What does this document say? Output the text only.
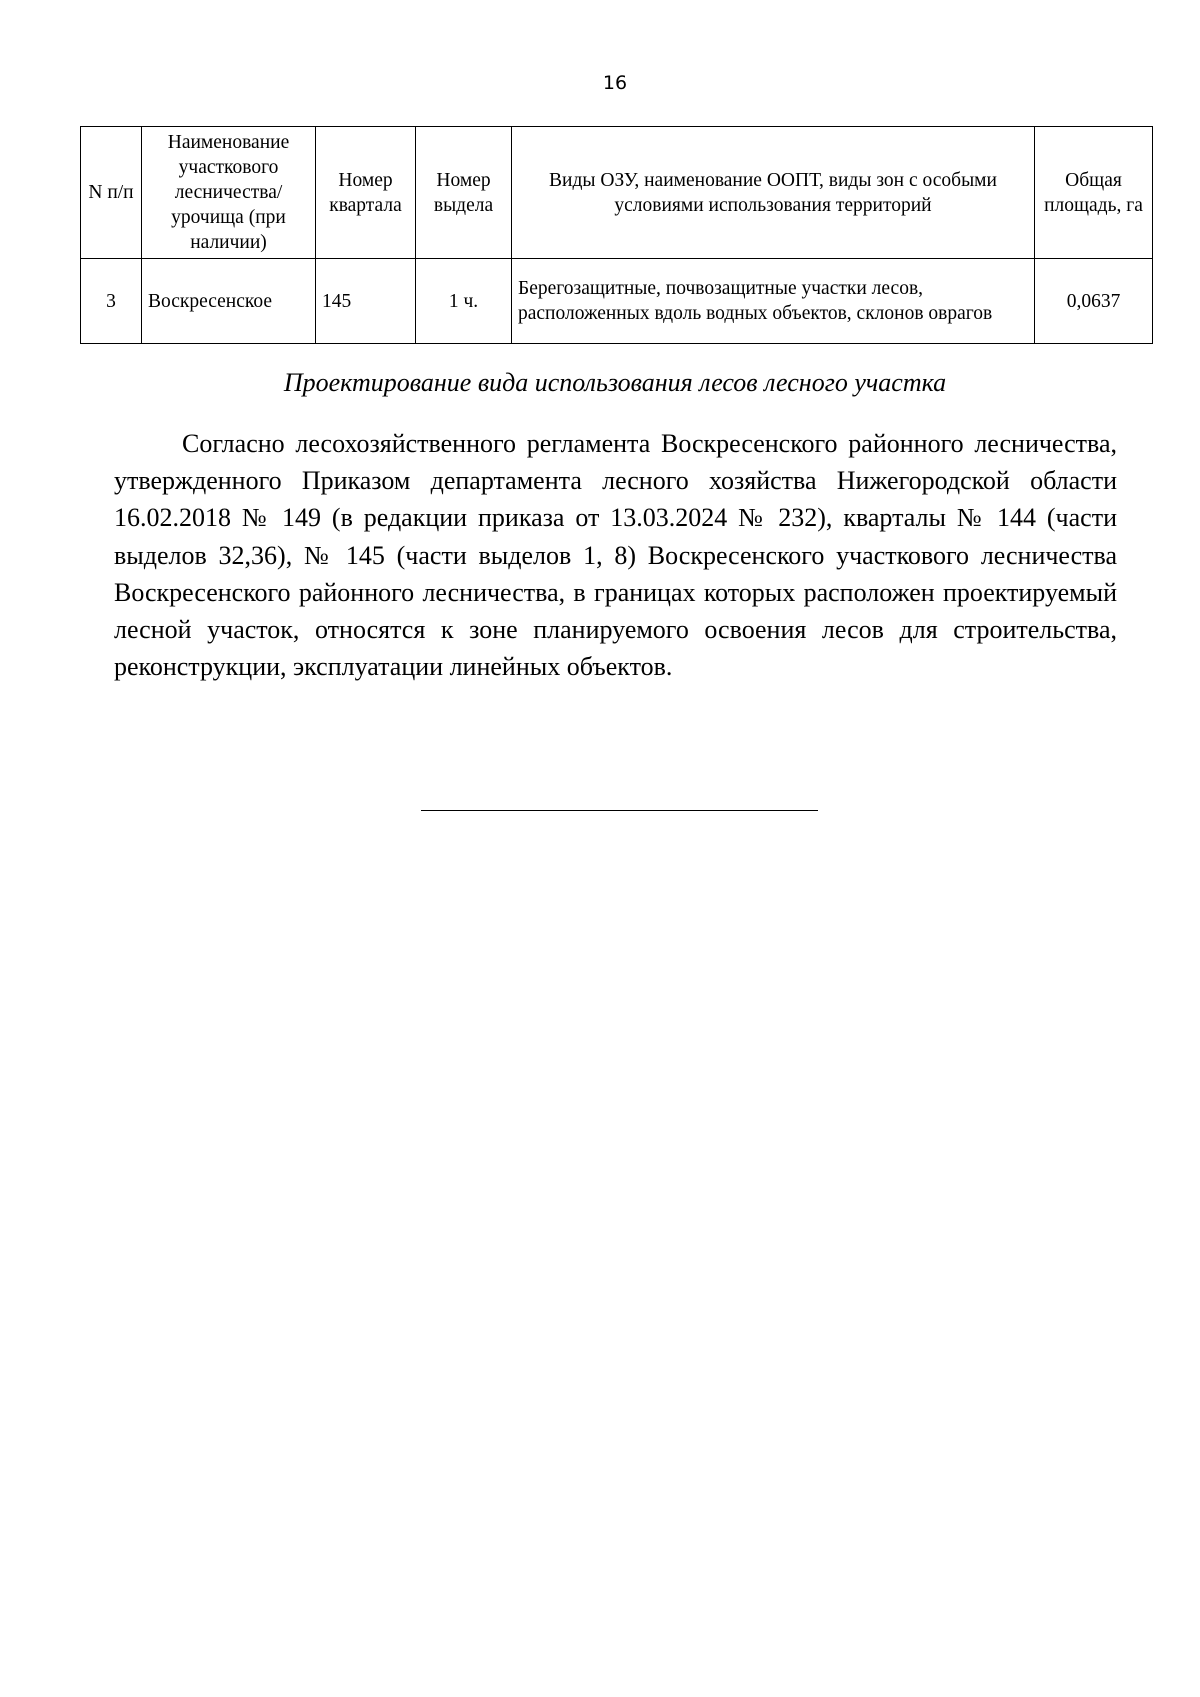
16
N п/п	Наименование участкового лесничества/урочища (при наличии)	Номер квартала	Номер выдела	Виды ОЗУ, наименование ООПТ, виды зон с особыми условиями использования территорий	Общая площадь, га
3	Воскресенское	145	1 ч.	Берегозащитные, почвозащитные участки лесов, расположенных вдоль водных объектов, склонов оврагов	0,0637
Проектирование вида использования лесов лесного участка

Согласно лесохозяйственного регламента Воскресенского районного лесничества, утвержденного Приказом департамента лесного хозяйства Нижегородской области 16.02.2018 № 149 (в редакции приказа от 13.03.2024 № 232), кварталы № 144 (части выделов 32,36), № 145 (части выделов 1, 8) Воскресенского участкового лесничества Воскресенского районного лесничества, в границах которых расположен проектируемый лесной участок, относятся к зоне планируемого освоения лесов для строительства, реконструкции, эксплуатации линейных объектов.
